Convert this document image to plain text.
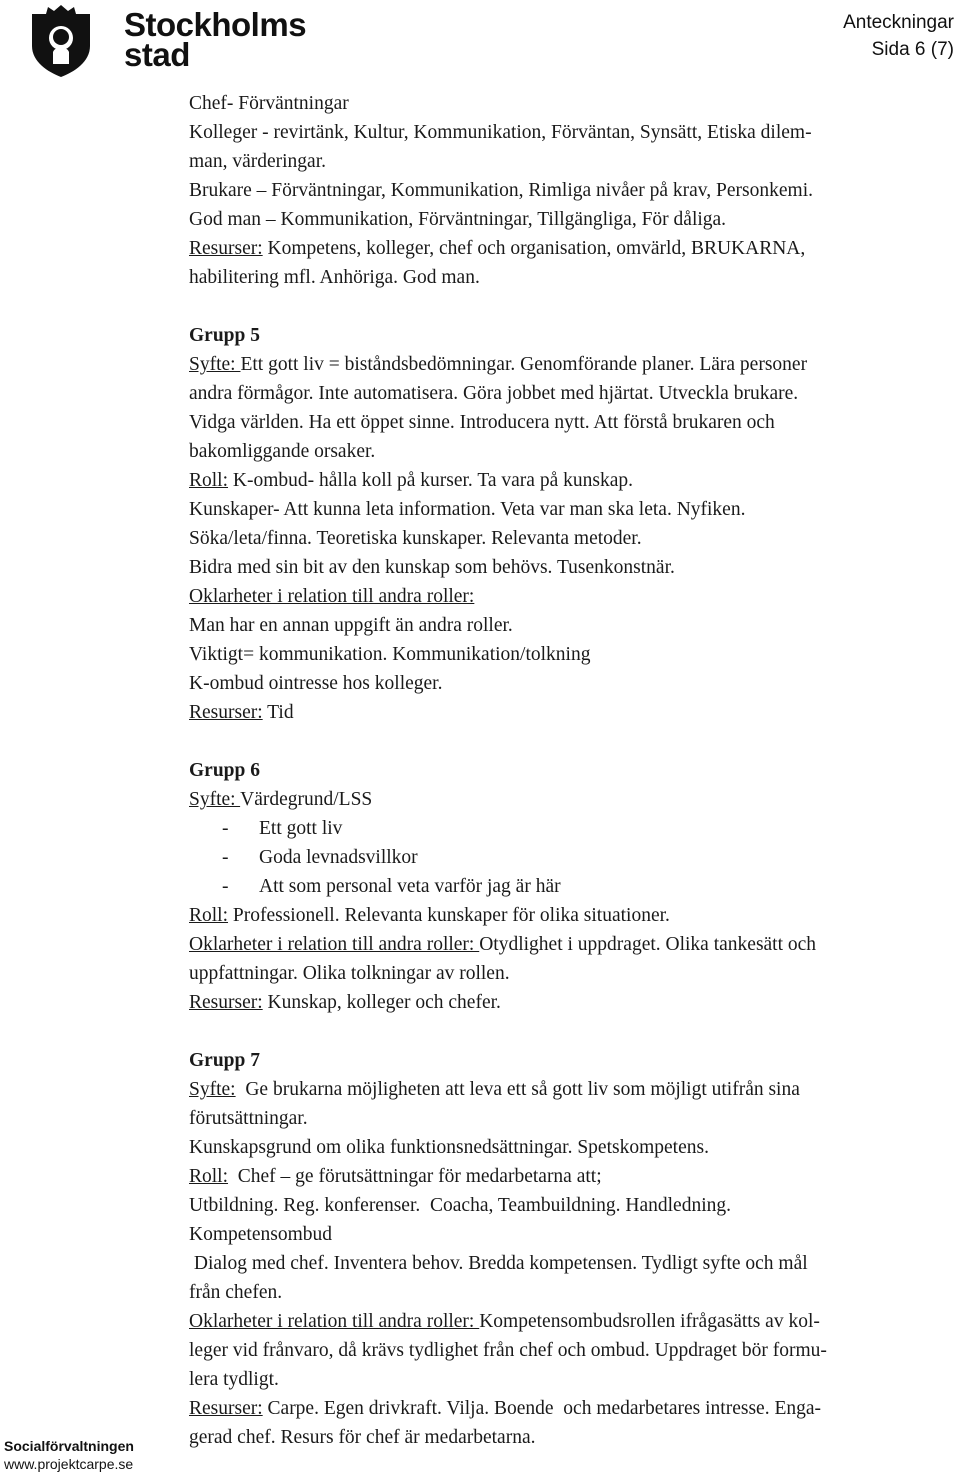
Stockholms
stad
Anteckningar
Sida 6 (7)

Chef- Förväntningar

Kolleger - revirtänk, Kultur, Kommunikation, Förväntan, Synsätt, Etiska dilem-

man, värderingar.

Brukare – Förväntningar, Kommunikation, Rimliga nivåer på krav, Personkemi.

God man – Kommunikation, Förväntningar, Tillgängliga, För dåliga.

Resurser: Kompetens, kolleger, chef och organisation, omvärld, BRUKARNA,

habilitering mfl. Anhöriga. God man.

Grupp 5

Syfte: Ett gott liv = biståndsbedömningar. Genomförande planer. Lära personer

andra förmågor. Inte automatisera. Göra jobbet med hjärtat. Utveckla brukare.

Vidga världen. Ha ett öppet sinne. Introducera nytt. Att förstå brukaren och

bakomliggande orsaker.

Roll: K-ombud- hålla koll på kurser. Ta vara på kunskap.

Kunskaper- Att kunna leta information. Veta var man ska leta. Nyfiken.

Söka/leta/finna. Teoretiska kunskaper. Relevanta metoder.

Bidra med sin bit av den kunskap som behövs. Tusenkonstnär.

Oklarheter i relation till andra roller:

Man har en annan uppgift än andra roller.

Viktigt= kommunikation. Kommunikation/tolkning

K-ombud ointresse hos kolleger.

Resurser: Tid

Grupp 6

Syfte: Värdegrund/LSS

- Ett gott liv

- Goda levnadsvillkor

- Att som personal veta varför jag är här

Roll: Professionell. Relevanta kunskaper för olika situationer.

Oklarheter i relation till andra roller: Otydlighet i uppdraget. Olika tankesätt och

uppfattningar. Olika tolkningar av rollen.

Resurser: Kunskap, kolleger och chefer.

Grupp 7

Syfte:  Ge brukarna möjligheten att leva ett så gott liv som möjligt utifrån sina

förutsättningar.

Kunskapsgrund om olika funktionsnedsättningar. Spetskompetens.

Roll:  Chef – ge förutsättningar för medarbetarna att;

Utbildning. Reg. konferenser.  Coacha, Teambuildning. Handledning.

Kompetensombud

Dialog med chef. Inventera behov. Bredda kompetensen. Tydligt syfte och mål

från chefen.

Oklarheter i relation till andra roller: Kompetensombudsrollen ifrågasätts av kol-

leger vid frånvaro, då krävs tydlighet från chef och ombud. Uppdraget bör formu-

lera tydligt.

Resurser: Carpe. Egen drivkraft. Vilja. Boende  och medarbetares intresse. Enga-

gerad chef. Resurs för chef är medarbetarna.

Socialförvaltningen
www.projektcarpe.se
